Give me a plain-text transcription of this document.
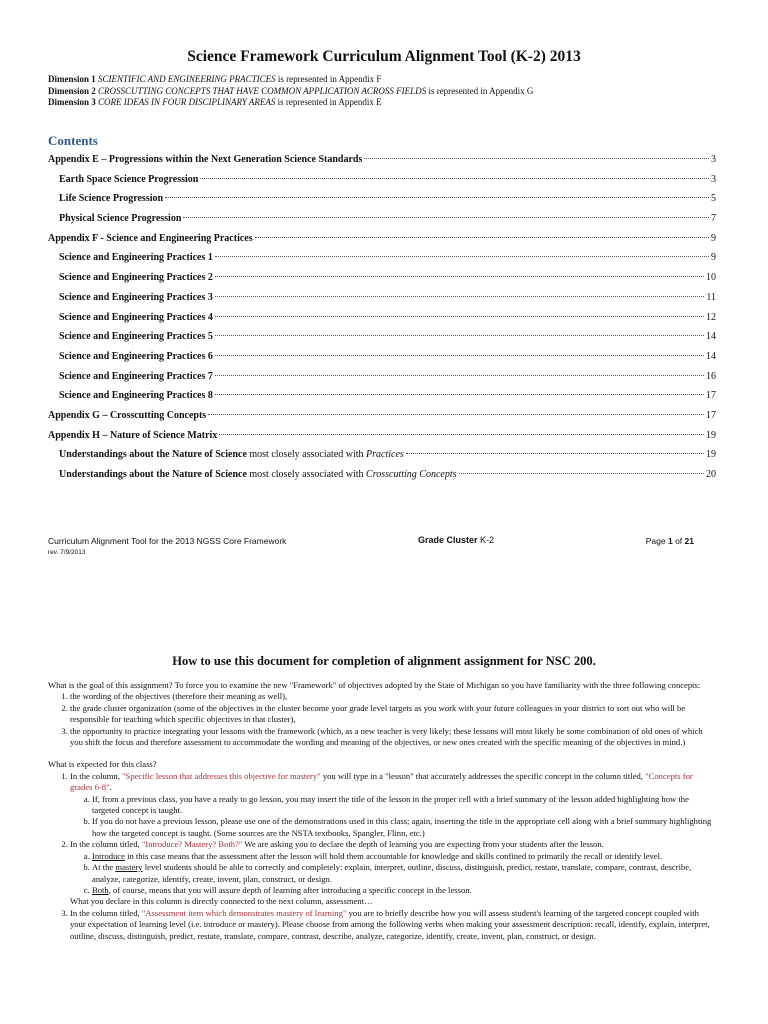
Science Framework Curriculum Alignment Tool (K-2) 2013
Dimension 1 SCIENTIFIC AND ENGINEERING PRACTICES is represented in Appendix F
Dimension 2 CROSSCUTTING CONCEPTS THAT HAVE COMMON APPLICATION ACROSS FIELDS is represented in Appendix G
Dimension 3 CORE IDEAS IN FOUR DISCIPLINARY AREAS is represented in Appendix E
Contents
Appendix E – Progressions within the Next Generation Science Standards	3
Earth Space Science Progression	3
Life Science Progression	5
Physical Science Progression	7
Appendix F - Science and Engineering Practices	9
Science and Engineering Practices 1	9
Science and Engineering Practices 2	10
Science and Engineering Practices 3	11
Science and Engineering Practices 4	12
Science and Engineering Practices 5	14
Science and Engineering Practices 6	14
Science and Engineering Practices 7	16
Science and Engineering Practices 8	17
Appendix G – Crosscutting Concepts	17
Appendix H – Nature of Science Matrix	19
Understandings about the Nature of Science most closely associated with Practices	19
Understandings about the Nature of Science most closely associated with Crosscutting Concepts	20
Curriculum Alignment Tool for the 2013 NGSS Core Framework
rev. 7/9/2013
Grade Cluster K-2	Page 1 of 21
How to use this document for completion of alignment assignment for NSC 200.

What is the goal of this assignment? To force you to examine the new "Framework" of objectives adopted by the State of Michigan so you have familiarity with the three following concepts:

1. the wording of the objectives (therefore their meaning as well),
2. the grade cluster organization (some of the objectives in the cluster become your grade level targets as you work with your future colleagues in your district to sort out who will be responsible for teaching which specific objectives in that cluster),
3. the opportunity to practice integrating your lessons with the framework (which, as a new teacher is very likely; these lessons will most likely be some combination of old ones of which you shift the focus and therefore assessment to accommodate the wording and meaning of the objectives, or new ones created with the specific meaning of the objectives in mind.)

What is expected for this class?

1. In the column, "Specific lesson that addresses this objective for mastery" you will type in a "lesson" that accurately addresses the specific concept in the column titled, "Concepts for grades 6-8".
a. If, from a previous class, you have a ready to go lesson, you may insert the title of the lesson in the proper cell with a brief summary of the lesson added highlighting how the targeted concept is taught.
b. If you do not have a previous lesson, please use one of the demonstrations used in this class; again, inserting the title in the appropriate cell along with a brief summary highlighting how the targeted concept is taught. (Some sources are the NSTA textbooks, Spangler, Flinn, etc.)
2. In the column titled, "Introduce? Mastery? Both?" We are asking you to declare the depth of learning you are expecting from your students after the lesson.
a. Introduce in this case means that the assessment after the lesson will hold them accountable for knowledge and skills confined to primarily the recall or identify level.
b. At the mastery level students should be able to correctly and completely: explain, interpret, outline, discuss, distinguish, predict, restate, translate, compare, contrast, describe, analyze, categorize, identify, create, invent, plan, construct, or design.
c. Both, of course, means that you will assure depth of learning after introducing a specific concept in the lesson.
What you declare in this column is directly connected to the next column, assessment…
3. In the column titled, "Assessment item which demonstrates mastery of learning" you are to briefly describe how you will assess student's learning of the targeted concept coupled with your expectation of learning level (i.e. introduce or mastery). Please choose from among the following verbs when making your assessment description: recall, identify, explain, interpret, outline, discuss, distinguish, predict, restate, translate, compare, contrast, describe, analyze, categorize, identify, create, invent, plan, construct, or design.
